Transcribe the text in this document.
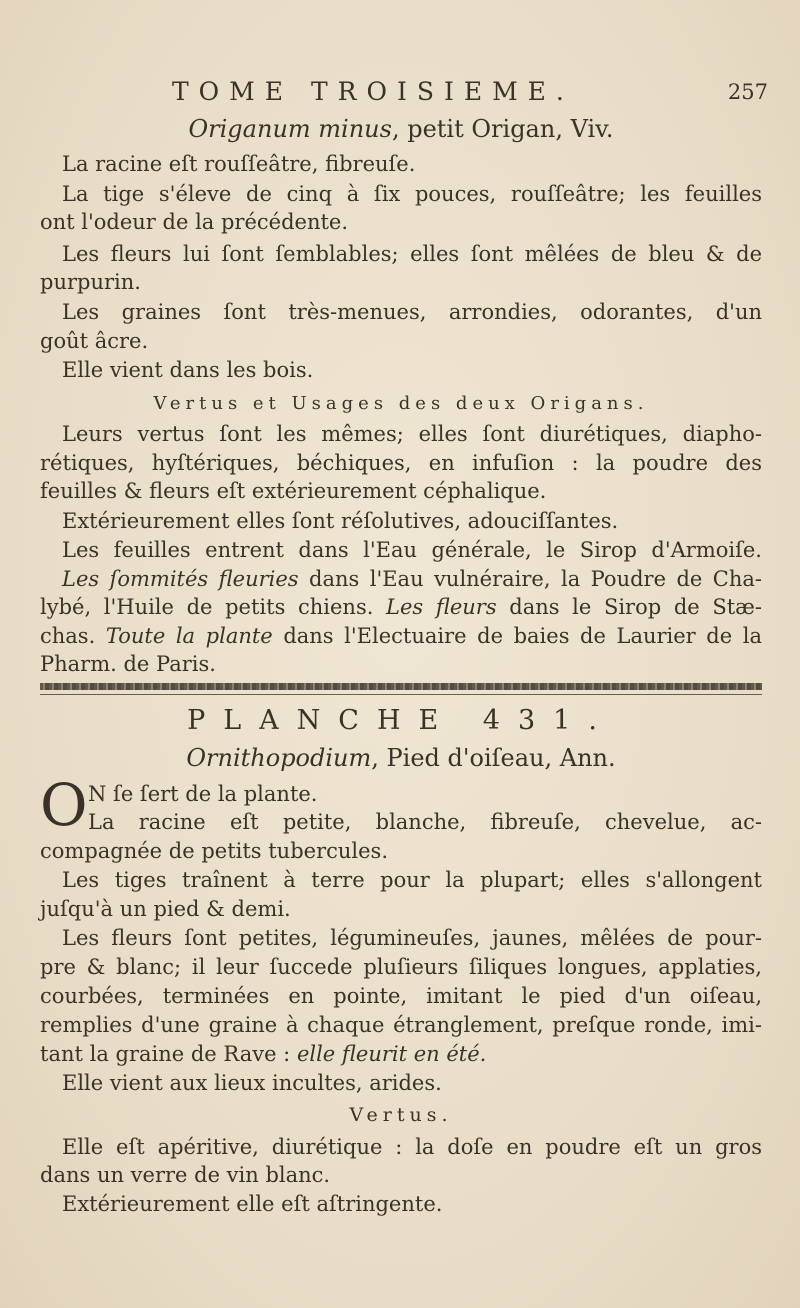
TOME TROISIEME.	257
Origanum minus, petit Origan, Viv.
La racine eſt rouſſeâtre, fibreuſe.
La tige s'éleve de cinq à ſix pouces, rouſſeâtre; les feuilles
ont l'odeur de la précédente.
Les fleurs lui ſont ſemblables; elles ſont mêlées de bleu & de
purpurin.
Les graines ſont très-menues, arrondies, odorantes, d'un
goût âcre.
Elle vient dans les bois.
Vertus et Usages des deux Origans.
Leurs vertus ſont les mêmes; elles ſont diurétiques, diapho-
rétiques, hyſtériques, béchiques, en infuſion : la poudre des
feuilles & fleurs eſt extérieurement céphalique.
Extérieurement elles ſont réſolutives, adouciſſantes.
Les feuilles entrent dans l'Eau générale, le Sirop d'Armoiſe.
Les ſommités fleuries dans l'Eau vulnéraire, la Poudre de Cha-
lybé, l'Huile de petits chiens. Les fleurs dans le Sirop de Stæ-
chas. Toute la plante dans l'Electuaire de baies de Laurier de la
Pharm. de Paris.
PLANCHE 431.
Ornithopodium, Pied d'oiſeau, Ann.
O N ſe ſert de la plante.
La racine eſt petite, blanche, fibreuſe, chevelue, ac-
compagnée de petits tubercules.
Les tiges traînent à terre pour la plupart; elles s'allongent
juſqu'à un pied & demi.
Les fleurs ſont petites, légumineuſes, jaunes, mêlées de pour-
pre & blanc; il leur ſuccede pluſieurs ſiliques longues, applaties,
courbées, terminées en pointe, imitant le pied d'un oiſeau,
remplies d'une graine à chaque étranglement, preſque ronde, imi-
tant la graine de Rave : elle fleurit en été.
Elle vient aux lieux incultes, arides.
Vertus.
Elle eſt apéritive, diurétique : la doſe en poudre eſt un gros
dans un verre de vin blanc.
Extérieurement elle eſt aſtringente.
